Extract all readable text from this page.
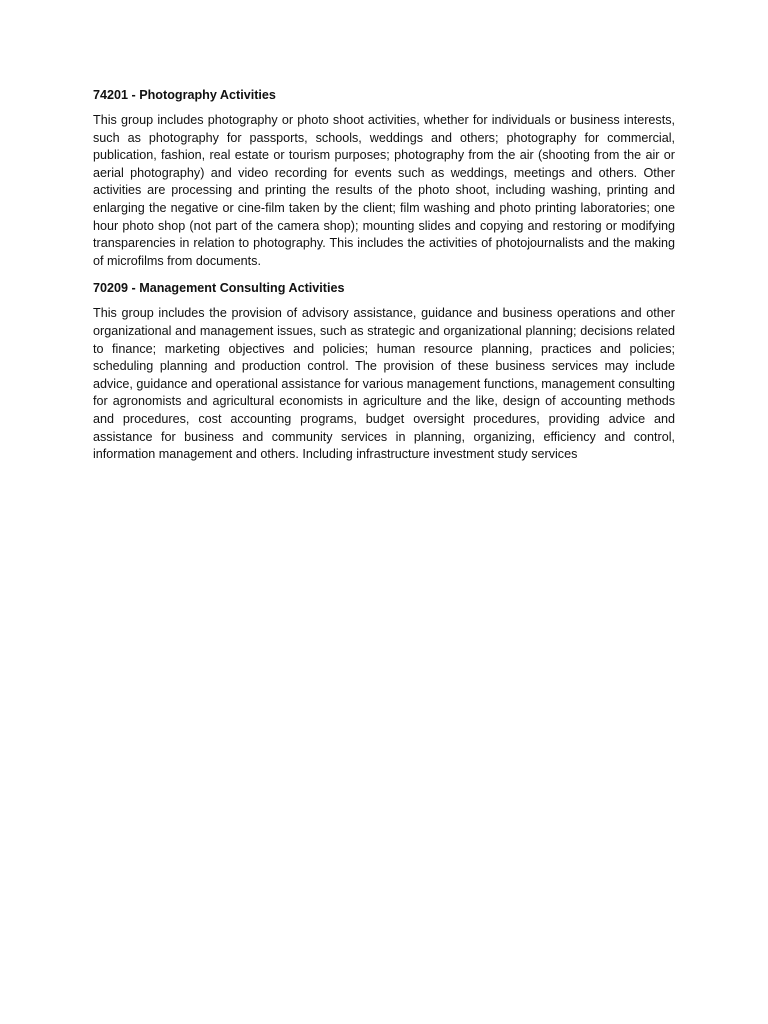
74201 - Photography Activities
This group includes photography or photo shoot activities, whether for individuals or business interests, such as photography for passports, schools, weddings and others; photography for commercial, publication, fashion, real estate or tourism purposes; photography from the air (shooting from the air or aerial photography) and video recording for events such as weddings, meetings and others. Other activities are processing and printing the results of the photo shoot, including washing, printing and enlarging the negative or cine-film taken by the client; film washing and photo printing laboratories; one hour photo shop (not part of the camera shop); mounting slides and copying and restoring or modifying transparencies in relation to photography. This includes the activities of photojournalists and the making of microfilms from documents.
70209 - Management Consulting Activities
This group includes the provision of advisory assistance, guidance and business operations and other organizational and management issues, such as strategic and organizational planning; decisions related to finance; marketing objectives and policies; human resource planning, practices and policies; scheduling planning and production control. The provision of these business services may include advice, guidance and operational assistance for various management functions, management consulting for agronomists and agricultural economists in agriculture and the like, design of accounting methods and procedures, cost accounting programs, budget oversight procedures, providing advice and assistance for business and community services in planning, organizing, efficiency and control, information management and others. Including infrastructure investment study services
